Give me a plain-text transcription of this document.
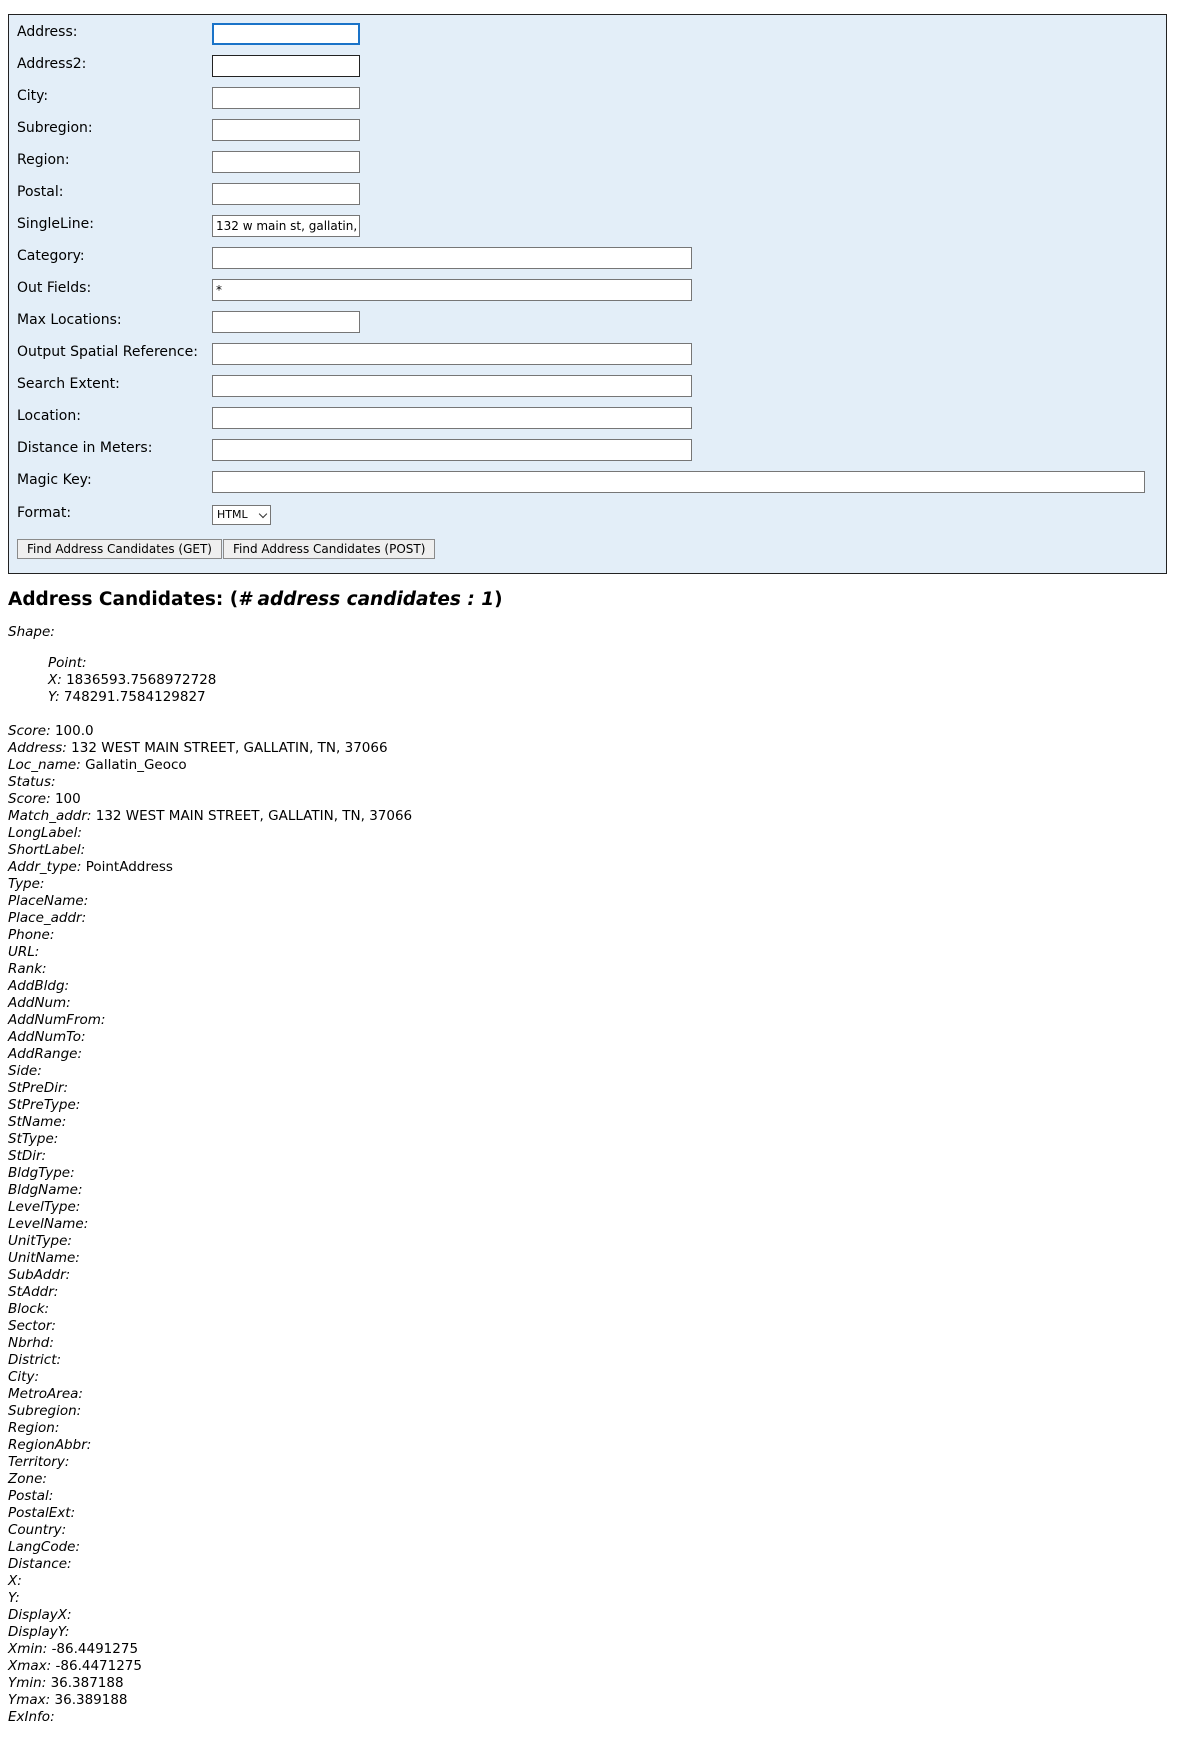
Address:
Address2:
City:
Subregion:
Region:
Postal:
SingleLine:
132 w main st, gallatin, tn
Category:
Out Fields:
*
Max Locations:
Output Spatial Reference:
Search Extent:
Location:
Distance in Meters:
Magic Key:
Format:	HTML
Find Address Candidates (GET)	Find Address Candidates (POST)
Address Candidates: (# address candidates : 1)
Shape:
Point:
X: 1836593.7568972728
Y: 748291.7584129827
Score: 100.0
Address: 132 WEST MAIN STREET, GALLATIN, TN, 37066
Loc_name: Gallatin_Geoco
Status:
Score: 100
Match_addr: 132 WEST MAIN STREET, GALLATIN, TN, 37066
LongLabel:
ShortLabel:
Addr_type: PointAddress
Type:
PlaceName:
Place_addr:
Phone:
URL:
Rank:
AddBldg:
AddNum:
AddNumFrom:
AddNumTo:
AddRange:
Side:
StPreDir:
StPreType:
StName:
StType:
StDir:
BldgType:
BldgName:
LevelType:
LevelName:
UnitType:
UnitName:
SubAddr:
StAddr:
Block:
Sector:
Nbrhd:
District:
City:
MetroArea:
Subregion:
Region:
RegionAbbr:
Territory:
Zone:
Postal:
PostalExt:
Country:
LangCode:
Distance:
X:
Y:
DisplayX:
DisplayY:
Xmin: -86.4491275
Xmax: -86.4471275
Ymin: 36.387188
Ymax: 36.389188
ExInfo:
